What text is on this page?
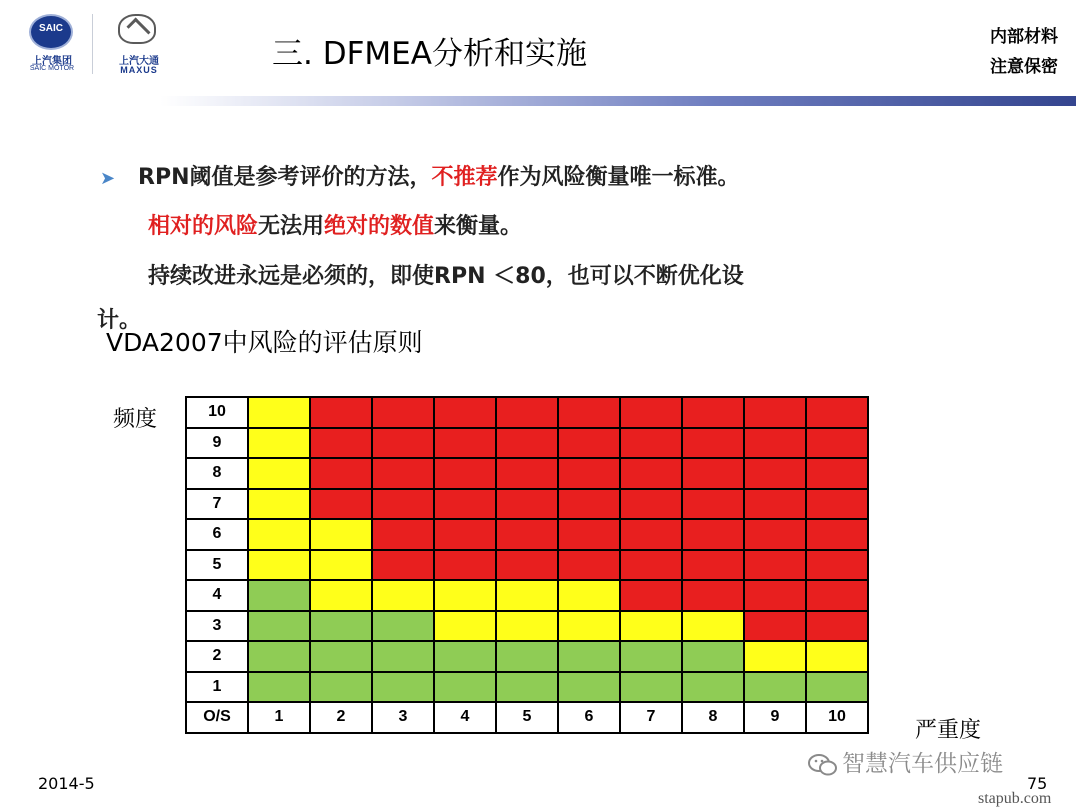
SAIC
上汽集团
SAIC MOTOR
上汽大通
MAXUS	三. DFMEA分析和实施	内部材料
注意保密
➤ RPN阈值是参考评价的方法，不推荐作为风险衡量唯一标准。
相对的风险无法用绝对的数值来衡量。
持续改进永远是必须的，即使RPN ＜80，也可以不断优化设
计。
VDA2007中风险的评估原则
频度	10										
9										
8										
7										
6										
5										
4										
3										
2										
1										
O/S	1	2	3	4	5	6	7	8	9	10
严重度
2014-5
智慧汽车供应链
75
stapub.com
